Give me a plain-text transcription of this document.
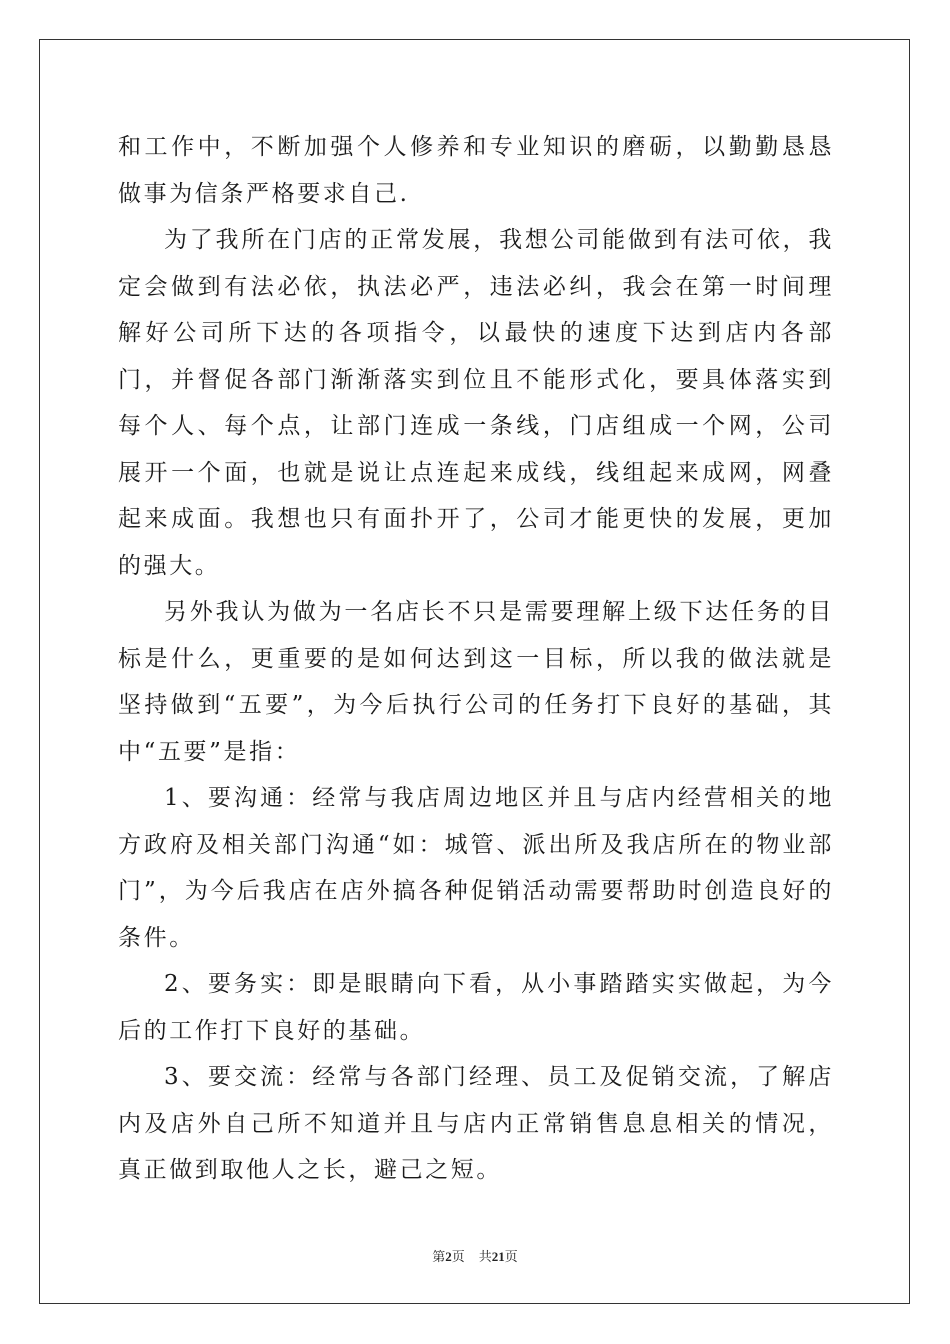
和工作中，不断加强个人修养和专业知识的磨砺，以勤勤恳恳做事为信条严格要求自己.

为了我所在门店的正常发展，我想公司能做到有法可依，我定会做到有法必依，执法必严，违法必纠，我会在第一时间理解好公司所下达的各项指令，以最快的速度下达到店内各部门，并督促各部门渐渐落实到位且不能形式化，要具体落实到每个人、每个点，让部门连成一条线，门店组成一个网，公司展开一个面，也就是说让点连起来成线，线组起来成网，网叠起来成面。我想也只有面扑开了，公司才能更快的发展，更加的强大。

另外我认为做为一名店长不只是需要理解上级下达任务的目标是什么，更重要的是如何达到这一目标，所以我的做法就是坚持做到“五要”，为今后执行公司的任务打下良好的基础，其中“五要”是指：

1、要沟通：经常与我店周边地区并且与店内经营相关的地方政府及相关部门沟通“如：城管、派出所及我店所在的物业部门”，为今后我店在店外搞各种促销活动需要帮助时创造良好的条件。

2、要务实：即是眼睛向下看，从小事踏踏实实做起，为今后的工作打下良好的基础。

3、要交流：经常与各部门经理、员工及促销交流，了解店内及店外自己所不知道并且与店内正常销售息息相关的情况，真正做到取他人之长，避己之短。

第2页 共21页
